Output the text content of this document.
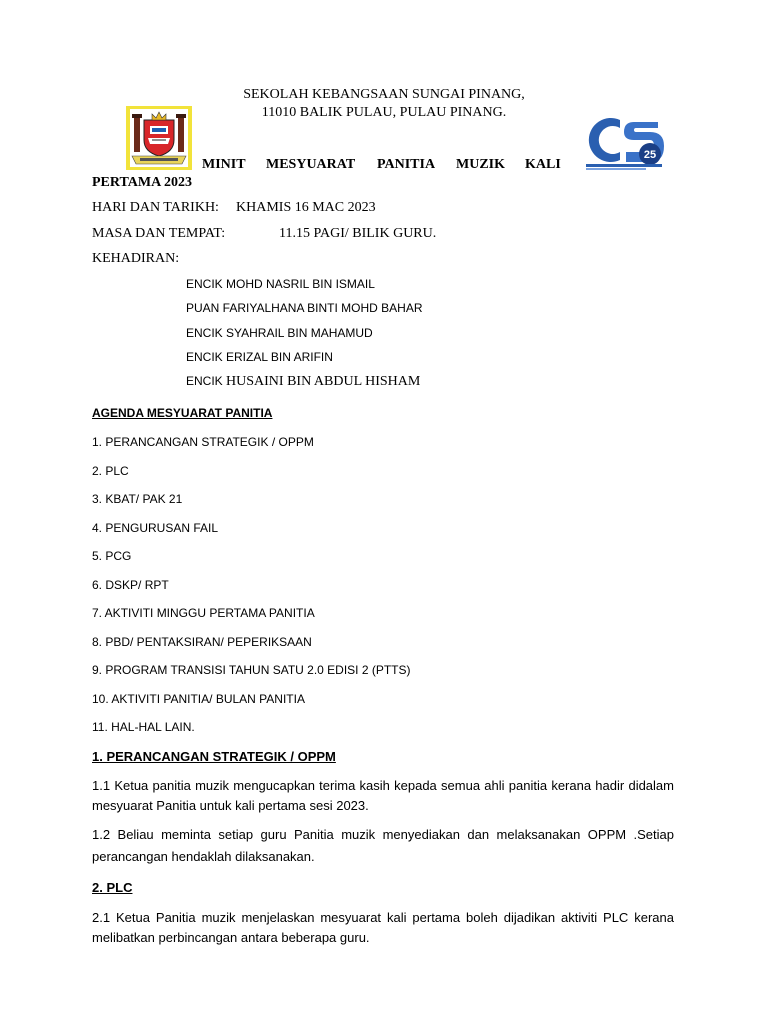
SEKOLAH KEBANGSAAN SUNGAI PINANG,
11010 BALIK PULAU, PULAU PINANG.
25
MINIT MESYUARAT PANITIA MUZIK KALI
PERTAMA 2023
HARI DAN TARIKH: KHAMIS 16 MAC 2023
MASA DAN TEMPAT:	11.15 PAGI/ BILIK GURU.
KEHADIRAN:
ENCIK MOHD NASRIL BIN ISMAIL
PUAN FARIYALHANA BINTI MOHD BAHAR
ENCIK SYAHRAIL BIN MAHAMUD
ENCIK ERIZAL BIN ARIFIN
ENCIK HUSAINI BIN ABDUL HISHAM
AGENDA MESYUARAT PANITIA
1. PERANCANGAN STRATEGIK / OPPM
2. PLC
3. KBAT/ PAK 21
4. PENGURUSAN FAIL
5. PCG
6. DSKP/ RPT
7. AKTIVITI MINGGU PERTAMA PANITIA
8. PBD/ PENTAKSIRAN/ PEPERIKSAAN
9. PROGRAM TRANSISI TAHUN SATU 2.0 EDISI 2 (PTTS)
10. AKTIVITI PANITIA/ BULAN PANITIA
11. HAL-HAL LAIN.
1. PERANCANGAN STRATEGIK / OPPM
1.1 Ketua panitia muzik mengucapkan terima kasih kepada semua ahli panitia kerana hadir didalam mesyuarat Panitia untuk kali pertama sesi 2023.
1.2 Beliau meminta setiap guru Panitia muzik menyediakan dan melaksanakan OPPM .Setiap perancangan hendaklah dilaksanakan.
2. PLC
2.1 Ketua Panitia muzik menjelaskan mesyuarat kali pertama boleh dijadikan aktiviti PLC kerana melibatkan perbincangan antara beberapa guru.
